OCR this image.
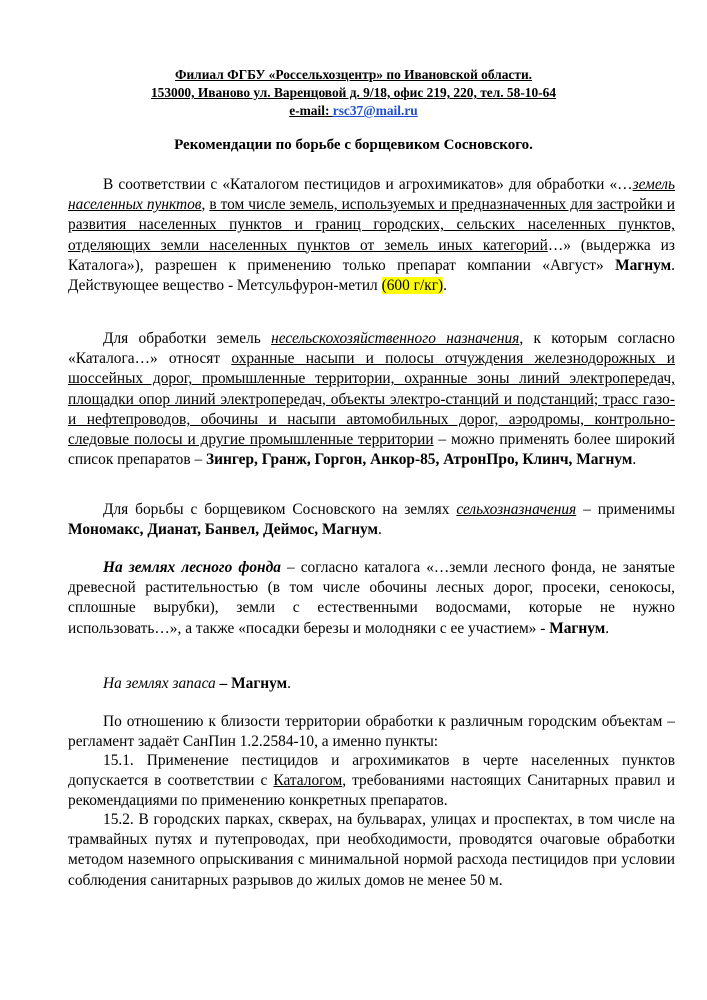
Филиал ФГБУ «Россельхозцентр» по Ивановской области.
153000, Иваново ул. Варенцовой д. 9/18, офис 219, 220, тел. 58-10-64
e-mail: rsc37@mail.ru
Рекомендации по борьбе с борщевиком Сосновского.

В соответствии с «Каталогом пестицидов и агрохимикатов» для обработки «…земель населенных пунктов, в том числе земель, используемых и предназначенных для застройки и развития населенных пунктов и границ городских, сельских населенных пунктов, отделяющих земли населенных пунктов от земель иных категорий…» (выдержка из Каталога»), разрешен к применению только препарат компании «Август» Магнум. Действующее вещество - Метсульфурон-метил (600 г/кг).

Для обработки земель несельскохозяйственного назначения, к которым согласно «Каталога…» относят охранные насыпи и полосы отчуждения железнодорожных и шоссейных дорог, промышленные территории, охранные зоны линий электропередач, площадки опор линий электропередач, объекты электро-станций и подстанций; трасс газо- и нефтепроводов, обочины и насыпи автомобильных дорог, аэродромы, контрольно-следовые полосы и другие промышленные территории – можно применять более широкий список препаратов – Зингер, Гранж, Горгон, Анкор-85, АтронПро, Клинч, Магнум.

Для борьбы с борщевиком Сосновского на землях сельхозназначения – применимы Мономакс, Дианат, Банвел, Деймос, Магнум.

На землях лесного фонда – согласно каталога «…земли лесного фонда, не занятые древесной растительностью (в том числе обочины лесных дорог, просеки, сенокосы, сплошные вырубки), земли с естественными водосмами, которые не нужно использовать…», а также «посадки березы и молодняки с ее участием» - Магнум.

На землях запаса – Магнум.

По отношению к близости территории обработки к различным городским объектам – регламент задаёт СанПин 1.2.2584-10, а именно пункты:

15.1. Применение пестицидов и агрохимикатов в черте населенных пунктов допускается в соответствии с Каталогом, требованиями настоящих Санитарных правил и рекомендациями по применению конкретных препаратов.

15.2. В городских парках, скверах, на бульварах, улицах и проспектах, в том числе на трамвайных путях и путепроводах, при необходимости, проводятся очаговые обработки методом наземного опрыскивания с минимальной нормой расхода пестицидов при условии соблюдения санитарных разрывов до жилых домов не менее 50 м.
